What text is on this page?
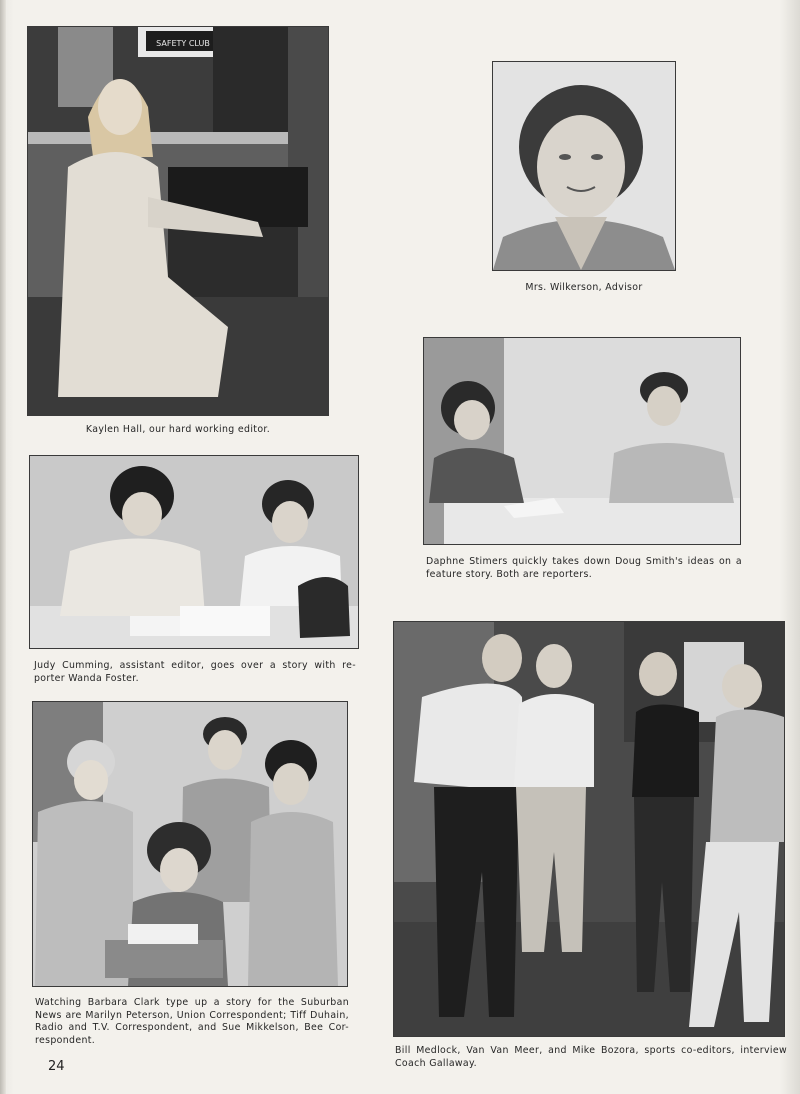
SAFETY CLUB
Kaylen Hall, our hard working editor.
Mrs. Wilkerson, Advisor
Daphne Stimers quickly takes down Doug Smith's ideas on a feature story. Both are reporters.
Judy Cumming, assistant editor, goes over a story with re-porter Wanda Foster.
Watching Barbara Clark type up a story for the Suburban News are Marilyn Peterson, Union Correspondent; Tiff Duhain, Radio and T.V. Correspondent, and Sue Mikkelson, Bee Cor-respondent.
Bill Medlock, Van Van Meer, and Mike Bozora, sports co-editors, interview Coach Gallaway.
24
